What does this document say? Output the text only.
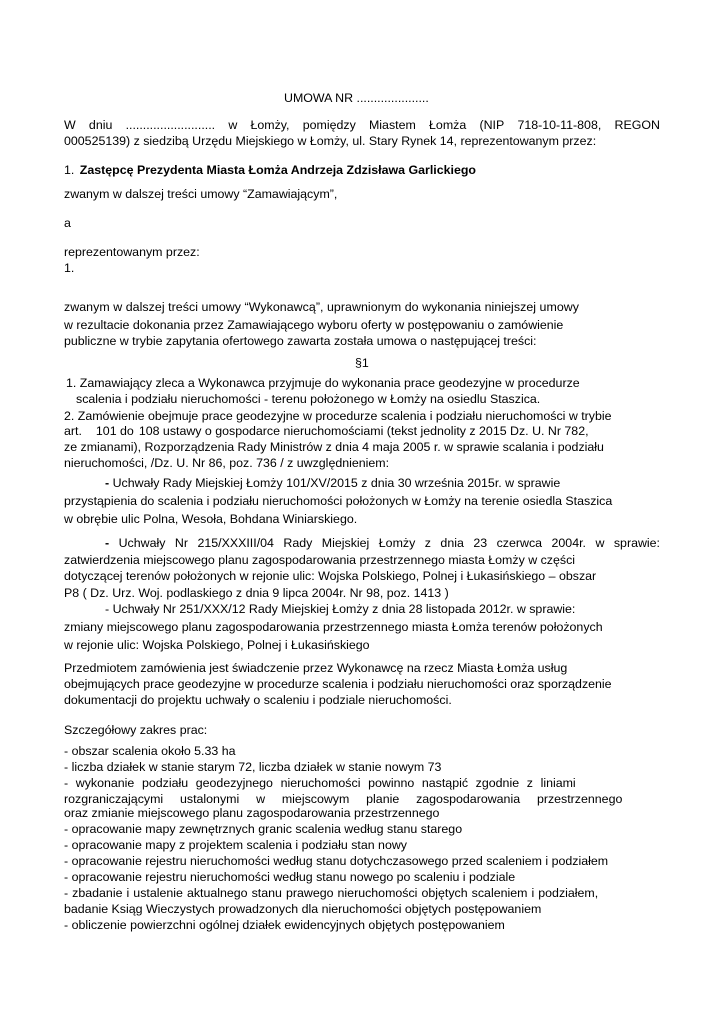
UMOWA NR .....................

W dniu .......................... w Łomży, pomiędzy Miastem Łomża (NIP 718-10-11-808, REGON

000525139) z siedzibą Urzędu Miejskiego w Łomży, ul. Stary Rynek 14, reprezentowanym przez:

1. Zastępcę Prezydenta Miasta Łomża Andrzeja Zdzisława Garlickiego

zwanym w dalszej treści umowy “Zamawiającym”,

a

reprezentowanym przez:

1.

zwanym w dalszej treści umowy “Wykonawcą”, uprawnionym do wykonania niniejszej umowy

w rezultacie dokonania przez Zamawiającego wyboru oferty w postępowaniu o zamówienie

publiczne w trybie zapytania ofertowego zawarta została umowa o następującej treści:

§1

1. Zamawiający zleca a Wykonawca przyjmuje do wykonania prace geodezyjne w procedurze

scalenia i podziału nieruchomości - terenu położonego w Łomży na osiedlu Staszica.

2. Zamówienie obejmuje prace geodezyjne w procedurze scalenia i podziału nieruchomości w trybie

art. 101 do 108 ustawy o gospodarce nieruchomościami (tekst jednolity z 2015 Dz. U. Nr 782,

ze zmianami), Rozporządzenia Rady Ministrów z dnia 4 maja 2005 r. w sprawie scalania i podziału

nieruchomości, /Dz. U. Nr 86, poz. 736 / z uwzględnieniem:

- Uchwały Rady Miejskiej Łomży 101/XV/2015 z dnia 30 września 2015r. w sprawie

przystąpienia do scalenia i podziału nieruchomości położonych w Łomży na terenie osiedla Staszica

w obrębie ulic Polna, Wesoła, Bohdana Winiarskiego.

- Uchwały Nr 215/XXXIII/04 Rady Miejskiej Łomży z dnia 23 czerwca 2004r. w sprawie:

zatwierdzenia miejscowego planu zagospodarowania przestrzennego miasta Łomży w części

dotyczącej terenów położonych w rejonie ulic: Wojska Polskiego, Polnej i Łukasińskiego – obszar

P8 ( Dz. Urz. Woj. podlaskiego z dnia 9 lipca 2004r. Nr 98, poz. 1413 )

- Uchwały Nr 251/XXX/12 Rady Miejskiej Łomży z dnia 28 listopada 2012r. w sprawie:

zmiany miejscowego planu zagospodarowania przestrzennego miasta Łomża terenów położonych

w rejonie ulic: Wojska Polskiego, Polnej i Łukasińskiego

Przedmiotem zamówienia jest świadczenie przez Wykonawcę na rzecz Miasta Łomża usług

obejmujących prace geodezyjne w procedurze scalenia i podziału nieruchomości oraz sporządzenie

dokumentacji do projektu uchwały o scaleniu i podziale nieruchomości.

Szczegółowy zakres prac:

- obszar scalenia około 5.33 ha

- liczba działek w stanie starym 72, liczba działek w stanie nowym 73

- wykonanie podziału geodezyjnego nieruchomości powinno nastąpić zgodnie z liniami

rozgraniczającymi ustalonymi w miejscowym planie zagospodarowania przestrzennego

oraz zmianie miejscowego planu zagospodarowania przestrzennego

- opracowanie mapy zewnętrznych granic scalenia według stanu starego

- opracowanie mapy z projektem scalenia i podziału stan nowy

- opracowanie rejestru nieruchomości według stanu dotychczasowego przed scaleniem i podziałem

- opracowanie rejestru nieruchomości według stanu nowego po scaleniu i podziale

- zbadanie i ustalenie aktualnego stanu prawego nieruchomości objętych scaleniem i podziałem,

badanie Ksiąg Wieczystych prowadzonych dla nieruchomości objętych postępowaniem

- obliczenie powierzchni ogólnej działek ewidencyjnych objętych postępowaniem
